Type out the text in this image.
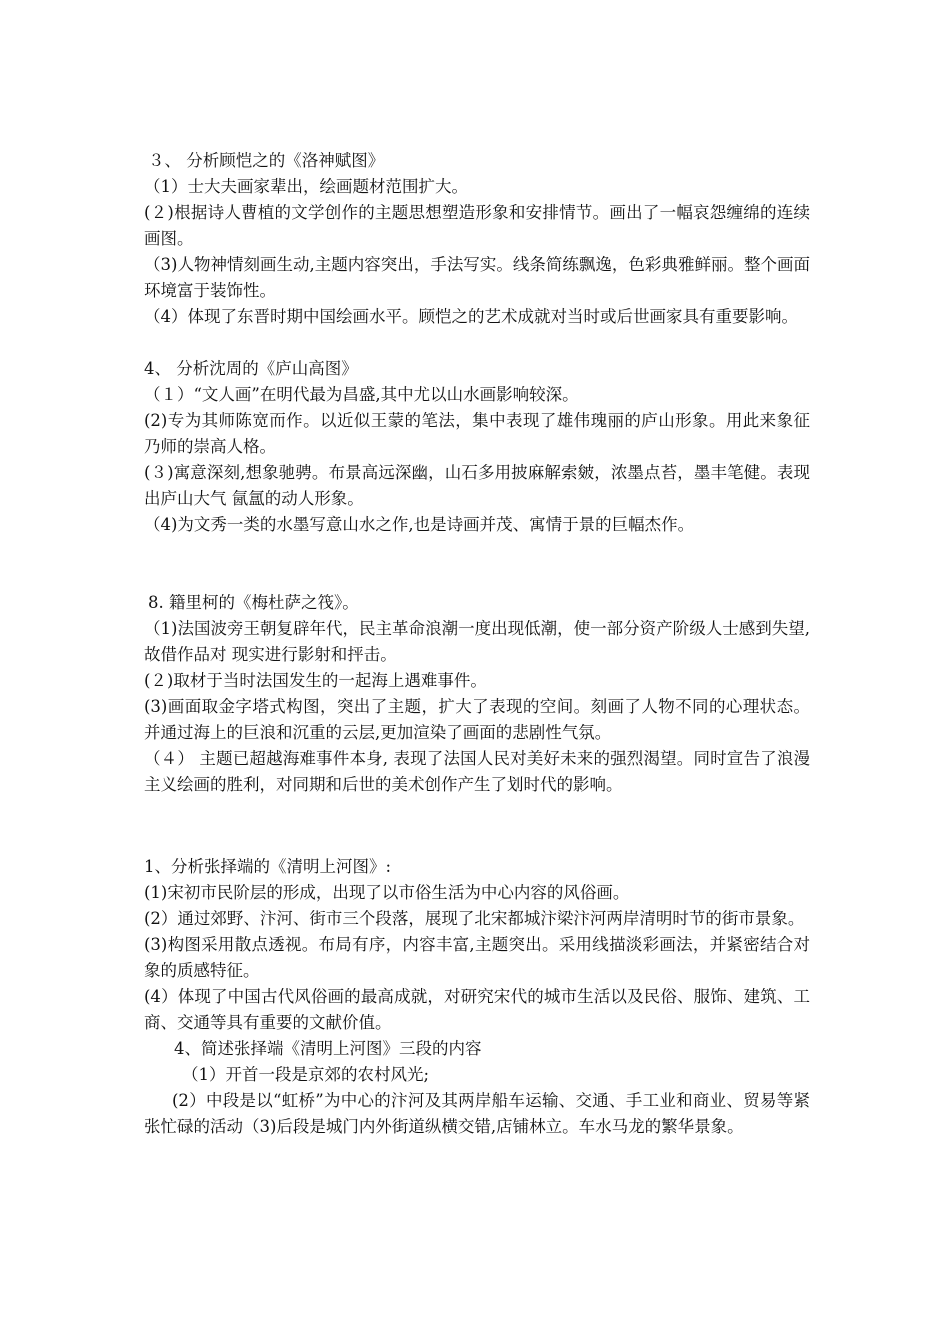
３、 分析顾恺之的《洛神赋图》

（1）士大夫画家辈出，绘画题材范围扩大。

(２)根据诗人曹植的文学创作的主题思想塑造形象和安排情节。画出了一幅哀怨缠绵的连续画图。

（3)人物神情刻画生动,主题内容突出，手法写实。线条简练飘逸，色彩典雅鲜丽。整个画面环境富于装饰性。

（4）体现了东晋时期中国绘画水平。顾恺之的艺术成就对当时或后世画家具有重要影响。

4、 分析沈周的《庐山高图》

（１）“文人画”在明代最为昌盛,其中尤以山水画影响较深。

(2)专为其师陈宽而作。以近似王蒙的笔法，集中表现了雄伟瑰丽的庐山形象。用此来象征乃师的崇高人格。

(３)寓意深刻,想象驰骋。布景高远深幽，山石多用披麻解索皴，浓墨点苔，墨丰笔健。表现出庐山大气 氤氲的动人形象。

（4)为文秀一类的水墨写意山水之作,也是诗画并茂、寓情于景的巨幅杰作。

8. 籍里柯的《梅杜萨之筏》。

（1)法国波旁王朝复辟年代，民主革命浪潮一度出现低潮，使一部分资产阶级人士感到失望,故借作品对 现实进行影射和抨击。

(２)取材于当时法国发生的一起海上遇难事件。

(3)画面取金字塔式构图，突出了主题，扩大了表现的空间。刻画了人物不同的心理状态。并通过海上的巨浪和沉重的云层,更加渲染了画面的悲剧性气氛。

（４） 主题已超越海难事件本身, 表现了法国人民对美好未来的强烈渴望。同时宣告了浪漫主义绘画的胜利，对同期和后世的美术创作产生了划时代的影响。

1、分析张择端的《清明上河图》:

(1)宋初市民阶层的形成，出现了以市俗生活为中心内容的风俗画。

(2）通过郊野、汴河、街市三个段落，展现了北宋都城汴梁汴河两岸清明时节的街市景象。

(3)构图采用散点透视。布局有序，内容丰富,主题突出。采用线描淡彩画法，并紧密结合对象的质感特征。

(4）体现了中国古代风俗画的最高成就，对研究宋代的城市生活以及民俗、服饰、建筑、工商、交通等具有重要的文献价值。

4、简述张择端《清明上河图》三段的内容

（1）开首一段是京郊的农村风光;

(2）中段是以“虹桥”为中心的汴河及其两岸船车运输、交通、手工业和商业、贸易等紧张忙碌的活动（3)后段是城门内外街道纵横交错,店铺林立。车水马龙的繁华景象。
